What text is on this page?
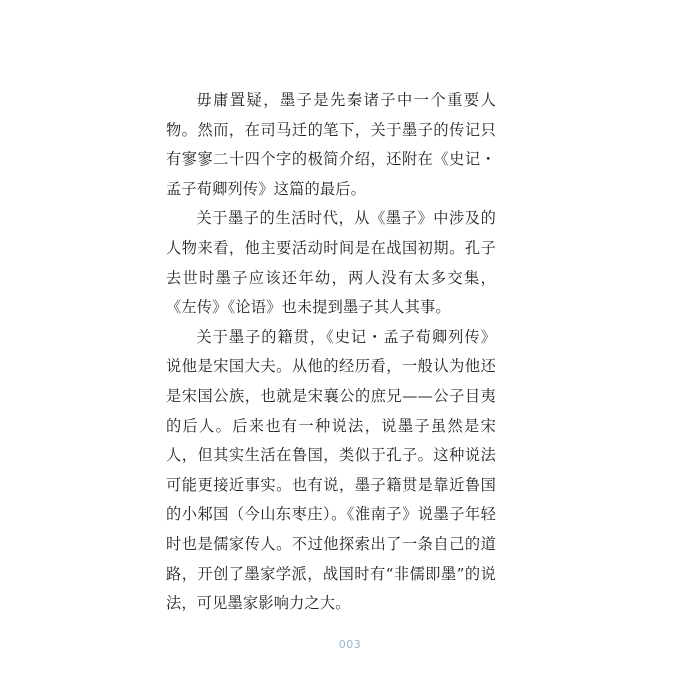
毋庸置疑，墨子是先秦诸子中一个重要人物。然而，在司马迁的笔下，关于墨子的传记只有寥寥二十四个字的极简介绍，还附在《史记・孟子荀卿列传》这篇的最后。

关于墨子的生活时代，从《墨子》中涉及的人物来看，他主要活动时间是在战国初期。孔子去世时墨子应该还年幼，两人没有太多交集，《左传》《论语》也未提到墨子其人其事。

关于墨子的籍贯，《史记・孟子荀卿列传》说他是宋国大夫。从他的经历看，一般认为他还是宋国公族，也就是宋襄公的庶兄——公子目夷的后人。后来也有一种说法，说墨子虽然是宋人，但其实生活在鲁国，类似于孔子。这种说法可能更接近事实。也有说，墨子籍贯是靠近鲁国的小邾国（今山东枣庄）。《淮南子》说墨子年轻时也是儒家传人。不过他探索出了一条自己的道路，开创了墨家学派，战国时有“非儒即墨”的说法，可见墨家影响力之大。

003
